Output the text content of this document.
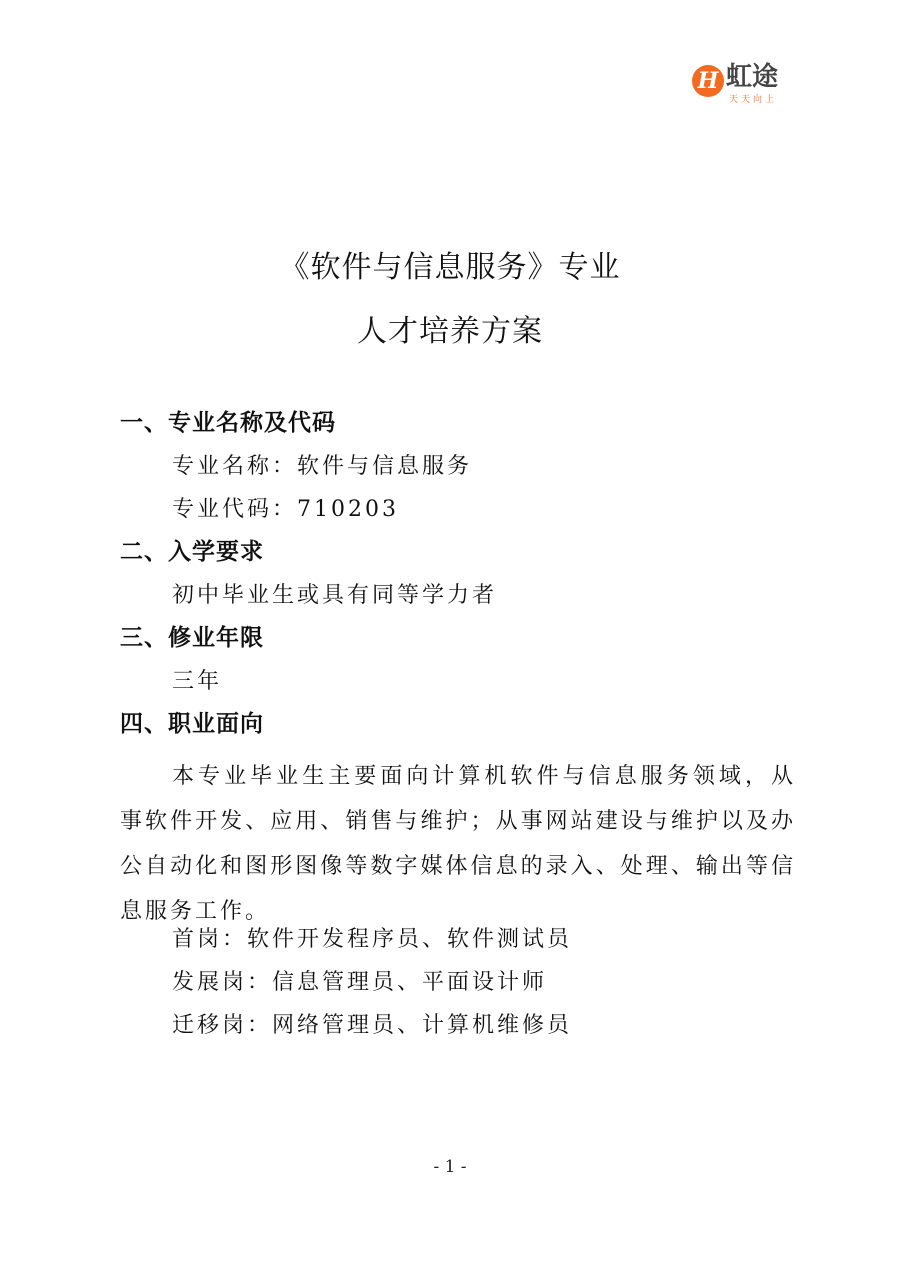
H 虹途
天天向上
《软件与信息服务》专业
人才培养方案
一、专业名称及代码
专业名称：软件与信息服务
专业代码：710203
二、入学要求
初中毕业生或具有同等学力者
三、修业年限
三年
四、职业面向
本专业毕业生主要面向计算机软件与信息服务领域，从事软件开发、应用、销售与维护；从事网站建设与维护以及办公自动化和图形图像等数字媒体信息的录入、处理、输出等信息服务工作。
首岗：软件开发程序员、软件测试员
发展岗：信息管理员、平面设计师
迁移岗：网络管理员、计算机维修员
- 1 -
